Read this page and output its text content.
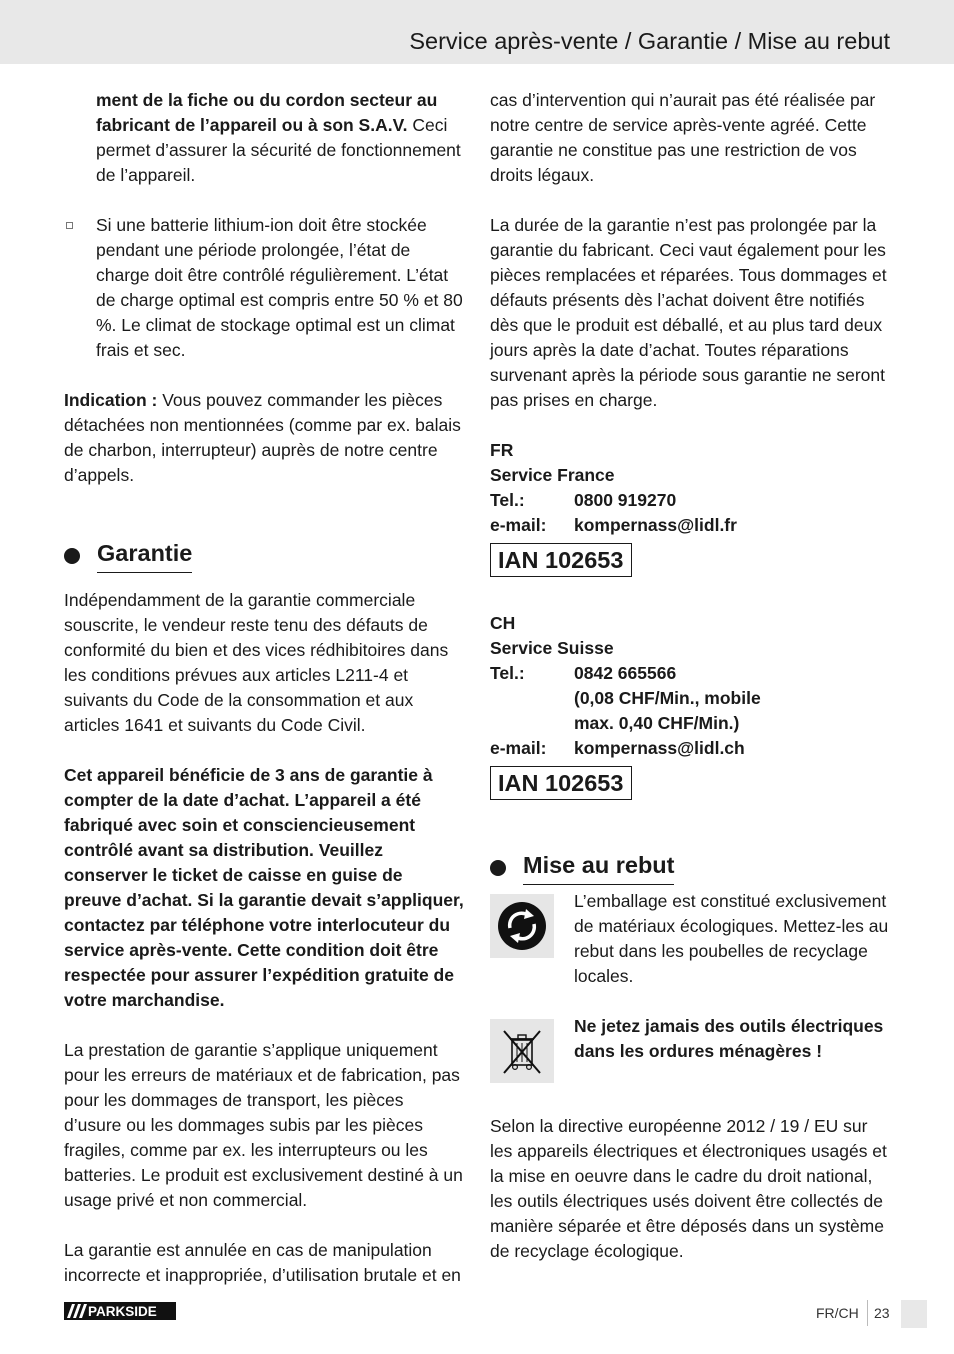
Service après-vente / Garantie / Mise au rebut

ment de la fiche ou du cordon secteur au fabricant de l’appareil ou à son S.A.V. Ceci permet d’assurer la sécurité de fonctionnement de l’appareil.

Si une batterie lithium-ion doit être stockée pendant une période prolongée, l’état de charge doit être contrôlé régulièrement. L’état de charge optimal est compris entre 50 % et 80 %. Le climat de stockage optimal est un climat frais et sec.

Indication : Vous pouvez commander les pièces détachées non mentionnées (comme par ex. balais de charbon, interrupteur) auprès de notre centre d’appels.

Garantie

Indépendamment de la garantie commerciale souscrite, le vendeur reste tenu des défauts de conformité du bien et des vices rédhibitoires dans les conditions prévues aux articles L211-4 et suivants du Code de la consommation et aux articles 1641 et suivants du Code Civil.

Cet appareil bénéficie de 3 ans de garantie à compter de la date d’achat. L’appareil a été fabriqué avec soin et consciencieusement contrôlé avant sa distribution. Veuillez conserver le ticket de caisse en guise de preuve d’achat. Si la garantie devait s’appliquer, contactez par téléphone votre interlocuteur du service après-vente. Cette condition doit être respectée pour assurer l’expédition gratuite de votre marchandise.

La prestation de garantie s’applique uniquement pour les erreurs de matériaux et de fabrication, pas pour les dommages de transport, les pièces d’usure ou les dommages subis par les pièces fragiles, comme par ex. les interrupteurs ou les batteries. Le produit est exclusivement destiné à un usage privé et non commercial.

La garantie est annulée en cas de manipulation incorrecte et inappropriée, d’utilisation brutale et en

cas d’intervention qui n’aurait pas été réalisée par notre centre de service après-vente agréé. Cette garantie ne constitue pas une restriction de vos droits légaux.

La durée de la garantie n’est pas prolongée par la garantie du fabricant. Ceci vaut également pour les pièces remplacées et réparées. Tous dommages et défauts présents dès l’achat doivent être notifiés dès que le produit est déballé, et au plus tard deux jours après la date d’achat. Toutes réparations survenant après la période sous garantie ne seront pas prises en charge.

FR
Service France
Tel.:	0800 919270
e-mail: kompernass@lidl.fr
IAN 102653
CH
Service Suisse
Tel.:	0842 665566
(0,08 CHF/Min., mobile
max. 0,40 CHF/Min.)
e-mail: kompernass@lidl.ch
IAN 102653
Mise au rebut

L’emballage est constitué exclusivement de matériaux écologiques. Mettez-les au rebut dans les poubelles de recyclage locales.

Ne jetez jamais des outils électriques dans les ordures ménagères !

Selon la directive européenne 2012 / 19 / EU sur les appareils électriques et électroniques usagés et la mise en oeuvre dans le cadre du droit national, les outils électriques usés doivent être collectés de manière séparée et être déposés dans un système de recyclage écologique.

PARKSIDE	FR/CH 23
